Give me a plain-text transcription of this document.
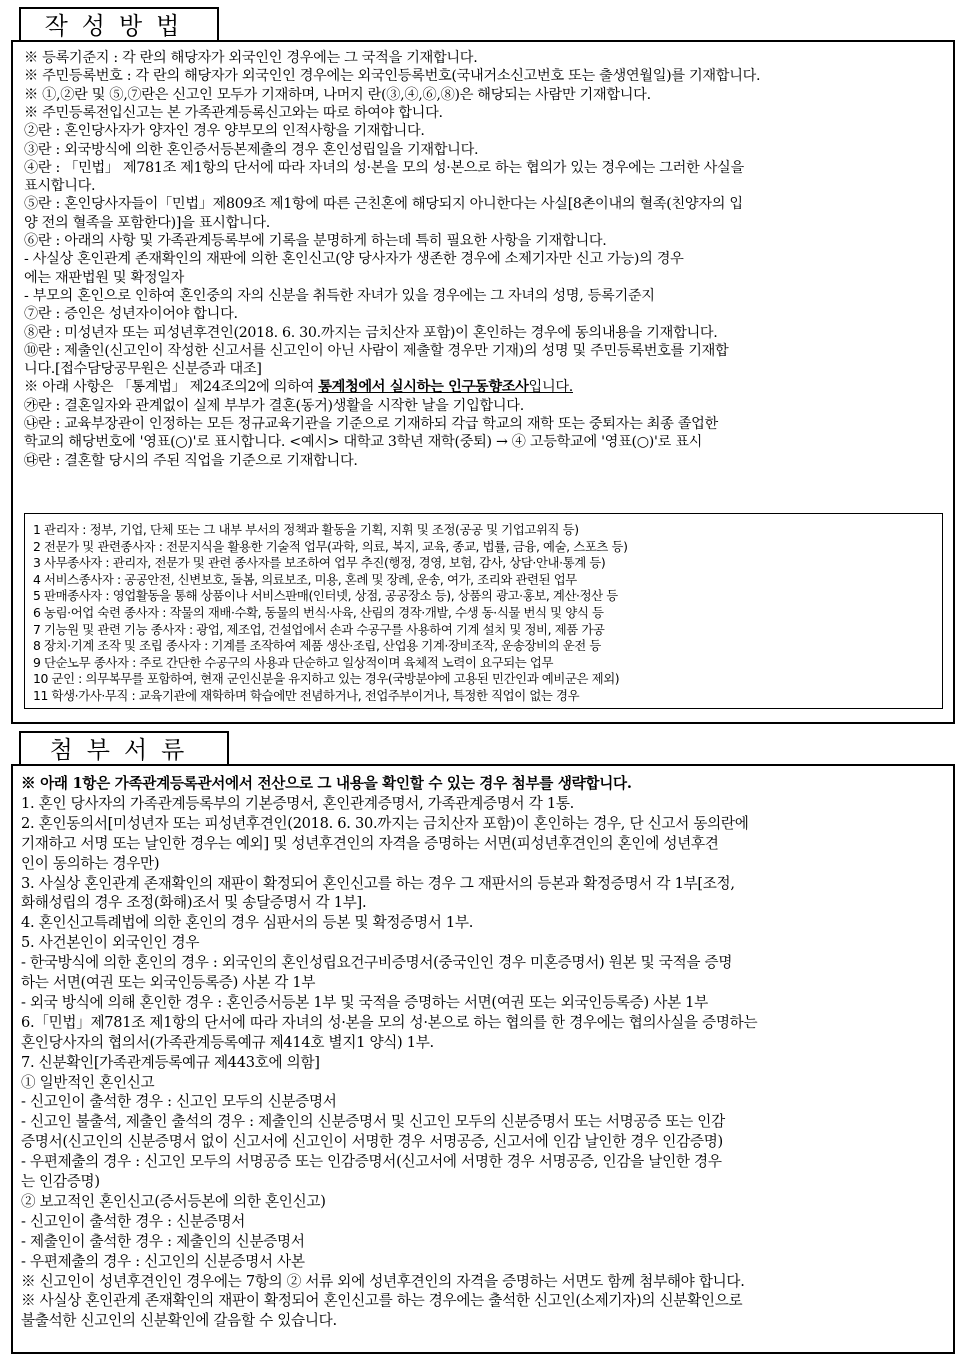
작성방법
※ 등록기준지 : 각 란의 해당자가 외국인인 경우에는 그 국적을 기재합니다.
※ 주민등록번호 : 각 란의 해당자가 외국인인 경우에는 외국인등록번호(국내거소신고번호 또는 출생연월일)를 기재합니다.
※ ①,②란 및 ⑤,⑦란은 신고인 모두가 기재하며, 나머지 란(③,④,⑥,⑧)은 해당되는 사람만 기재합니다.
※ 주민등록전입신고는 본 가족관계등록신고와는 따로 하여야 합니다.
②란 : 혼인당사자가 양자인 경우 양부모의 인적사항을 기재합니다.
③란 : 외국방식에 의한 혼인증서등본제출의 경우 혼인성립일을 기재합니다.
④란 : 「민법」 제781조 제1항의 단서에 따라 자녀의 성·본을 모의 성·본으로 하는 협의가 있는 경우에는 그러한 사실을
표시합니다.
⑤란 : 혼인당사자들이「민법」제809조 제1항에 따른 근친혼에 해당되지 아니한다는 사실[8촌이내의 혈족(친양자의 입
양 전의 혈족을 포함한다)]을 표시합니다.
⑥란 : 아래의 사항 및 가족관계등록부에 기록을 분명하게 하는데 특히 필요한 사항을 기재합니다.
- 사실상 혼인관계 존재확인의 재판에 의한 혼인신고(양 당사자가 생존한 경우에 소제기자만 신고 가능)의 경우
에는 재판법원 및 확정일자
- 부모의 혼인으로 인하여 혼인중의 자의 신분을 취득한 자녀가 있을 경우에는 그 자녀의 성명, 등록기준지
⑦란 : 증인은 성년자이어야 합니다.
⑧란 : 미성년자 또는 피성년후견인(2018. 6. 30.까지는 금치산자 포함)이 혼인하는 경우에 동의내용을 기재합니다.
⑩란 : 제출인(신고인이 작성한 신고서를 신고인이 아닌 사람이 제출할 경우만 기재)의 성명 및 주민등록번호를 기재합
니다.[접수담당공무원은 신분증과 대조]
※ 아래 사항은 「통계법」 제24조의2에 의하여 통계청에서 실시하는 인구동향조사입니다.
㉮란 : 결혼일자와 관계없이 실제 부부가 결혼(동거)생활을 시작한 날을 기입합니다.
㉯란 : 교육부장관이 인정하는 모든 정규교육기관을 기준으로 기재하되 각급 학교의 재학 또는 중퇴자는 최종 졸업한
학교의 해당번호에 '영표(○)'로 표시합니다. <예시> 대학교 3학년 재학(중퇴) → ④ 고등학교에 '영표(○)'로 표시
㉰란 : 결혼할 당시의 주된 직업을 기준으로 기재합니다.
1 관리자 : 정부, 기업, 단체 또는 그 내부 부서의 정책과 활동을 기획, 지휘 및 조정(공공 및 기업고위직 등)
2 전문가 및 관련종사자 : 전문지식을 활용한 기술적 업무(과학, 의료, 복지, 교육, 종교, 법률, 금융, 예술, 스포츠 등)
3 사무종사자 : 관리자, 전문가 및 관련 종사자를 보조하여 업무 추진(행정, 경영, 보험, 감사, 상담·안내·통계 등)
4 서비스종사자 : 공공안전, 신변보호, 돌봄, 의료보조, 미용, 혼례 및 장례, 운송, 여가, 조리와 관련된 업무
5 판매종사자 : 영업활동을 통해 상품이나 서비스판매(인터넷, 상점, 공공장소 등), 상품의 광고·홍보, 계산·정산 등
6 농림·어업 숙련 종사자 : 작물의 재배·수확, 동물의 번식·사육, 산림의 경작·개발, 수생 동·식물 번식 및 양식 등
7 기능원 및 관련 기능 종사자 : 광업, 제조업, 건설업에서 손과 수공구를 사용하여 기계 설치 및 정비, 제품 가공
8 장치·기계 조작 및 조립 종사자 : 기계를 조작하여 제품 생산·조립, 산업용 기계·장비조작, 운송장비의 운전 등
9 단순노무 종사자 : 주로 간단한 수공구의 사용과 단순하고 일상적이며 육체적 노력이 요구되는 업무
10 군인 : 의무복무를 포함하여, 현재 군인신분을 유지하고 있는 경우(국방분야에 고용된 민간인과 예비군은 제외)
11 학생·가사·무직 : 교육기관에 재학하며 학습에만 전념하거나, 전업주부이거나, 특정한 직업이 없는 경우
첨부서류
※ 아래 1항은 가족관계등록관서에서 전산으로 그 내용을 확인할 수 있는 경우 첨부를 생략합니다.
1. 혼인 당사자의 가족관계등록부의 기본증명서, 혼인관계증명서, 가족관계증명서 각 1통.
2. 혼인동의서[미성년자 또는 피성년후견인(2018. 6. 30.까지는 금치산자 포함)이 혼인하는 경우, 단 신고서 동의란에
기재하고 서명 또는 날인한 경우는 예외] 및 성년후견인의 자격을 증명하는 서면(피성년후견인의 혼인에 성년후견
인이 동의하는 경우만)
3. 사실상 혼인관계 존재확인의 재판이 확정되어 혼인신고를 하는 경우 그 재판서의 등본과 확정증명서 각 1부[조정,
화해성립의 경우 조정(화해)조서 및 송달증명서 각 1부].
4. 혼인신고특례법에 의한 혼인의 경우 심판서의 등본 및 확정증명서 1부.
5. 사건본인이 외국인인 경우
- 한국방식에 의한 혼인의 경우 : 외국인의 혼인성립요건구비증명서(중국인인 경우 미혼증명서) 원본 및 국적을 증명
하는 서면(여권 또는 외국인등록증) 사본 각 1부
- 외국 방식에 의해 혼인한 경우 : 혼인증서등본 1부 및 국적을 증명하는 서면(여권 또는 외국인등록증) 사본 1부
6.「민법」제781조 제1항의 단서에 따라 자녀의 성·본을 모의 성·본으로 하는 협의를 한 경우에는 협의사실을 증명하는
혼인당사자의 협의서(가족관계등록예규 제414호 별지1 양식) 1부.
7. 신분확인[가족관계등록예규 제443호에 의함]
① 일반적인 혼인신고
- 신고인이 출석한 경우 : 신고인 모두의 신분증명서
- 신고인 불출석, 제출인 출석의 경우 : 제출인의 신분증명서 및 신고인 모두의 신분증명서 또는 서명공증 또는 인감
증명서(신고인의 신분증명서 없이 신고서에 신고인이 서명한 경우 서명공증, 신고서에 인감 날인한 경우 인감증명)
- 우편제출의 경우 : 신고인 모두의 서명공증 또는 인감증명서(신고서에 서명한 경우 서명공증, 인감을 날인한 경우
는 인감증명)
② 보고적인 혼인신고(증서등본에 의한 혼인신고)
- 신고인이 출석한 경우 : 신분증명서
- 제출인이 출석한 경우 : 제출인의 신분증명서
- 우편제출의 경우 : 신고인의 신분증명서 사본
※ 신고인이 성년후견인인 경우에는 7항의 ② 서류 외에 성년후견인의 자격을 증명하는 서면도 함께 첨부해야 합니다.
※ 사실상 혼인관계 존재확인의 재판이 확정되어 혼인신고를 하는 경우에는 출석한 신고인(소제기자)의 신분확인으로
불출석한 신고인의 신분확인에 갈음할 수 있습니다.
